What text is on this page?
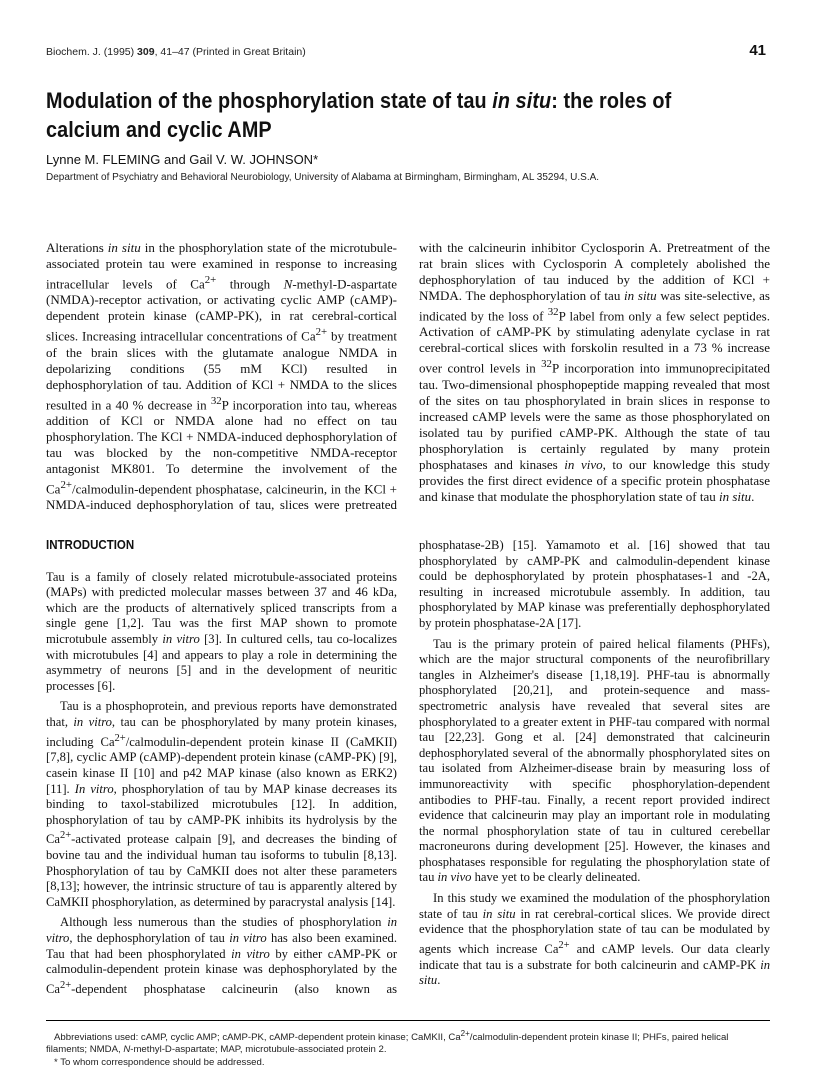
Biochem. J. (1995) 309, 41–47 (Printed in Great Britain)	41
Modulation of the phosphorylation state of tau in situ: the roles of calcium and cyclic AMP
Lynne M. FLEMING and Gail V. W. JOHNSON*
Department of Psychiatry and Behavioral Neurobiology, University of Alabama at Birmingham, Birmingham, AL 35294, U.S.A.

Alterations in situ in the phosphorylation state of the microtubule-associated protein tau were examined in response to increasing intracellular levels of $Ca^{2+}$ through N-methyl-D-aspartate (NMDA)-receptor activation, or activating cyclic AMP (cAMP)-dependent protein kinase (cAMP-PK), in rat cerebral-cortical slices. Increasing intracellular concentrations of $Ca^{2+}$ by treatment of the brain slices with the glutamate analogue NMDA in depolarizing conditions (55 mM KCl) resulted in dephosphorylation of tau. Addition of KCl + NMDA to the slices resulted in a 40 % decrease in $^{32}$P incorporation into tau, whereas addition of KCl or NMDA alone had no effect on tau phosphorylation. The KCl + NMDA-induced dephosphorylation of tau was blocked by the non-competitive NMDA-receptor antagonist MK801. To determine the involvement of the $Ca^{2+}/calmodulin$-dependent phosphatase, calcineurin, in the KCl + NMDA-induced dephosphorylation of tau, slices were pretreated with the calcineurin inhibitor Cyclosporin A. Pretreatment of the rat brain slices with Cyclosporin A completely abolished the dephosphorylation of tau induced by the addition of KCl + NMDA. The dephosphorylation of tau in situ was site-selective, as indicated by the loss of $^{32}$P label from only a few select peptides. Activation of cAMP-PK by stimulating adenylate cyclase in rat cerebral-cortical slices with forskolin resulted in a 73 % increase over control levels in $^{32}$P incorporation into immunoprecipitated tau. Two-dimensional phosphopeptide mapping revealed that most of the sites on tau phosphorylated in brain slices in response to increased cAMP levels were the same as those phosphorylated on isolated tau by purified cAMP-PK. Although the state of tau phosphorylation is certainly regulated by many protein phosphatases and kinases in vivo, to our knowledge this study provides the first direct evidence of a specific protein phosphatase and kinase that modulate the phosphorylation state of tau in situ.

INTRODUCTION

Tau is a family of closely related microtubule-associated proteins (MAPs) with predicted molecular masses between 37 and 46 kDa, which are the products of alternatively spliced transcripts from a single gene [1,2]. Tau was the first MAP shown to promote microtubule assembly in vitro [3]. In cultured cells, tau co-localizes with microtubules [4] and appears to play a role in determining the asymmetry of neurons [5] and in the development of neuritic processes [6].

Tau is a phosphoprotein, and previous reports have demonstrated that, in vitro, tau can be phosphorylated by many protein kinases, including $Ca^{2+}/calmodulin$-dependent protein kinase II (CaMKII) [7,8], cyclic AMP (cAMP)-dependent protein kinase (cAMP-PK) [9], casein kinase II [10] and p42 MAP kinase (also known as ERK2) [11]. In vitro, phosphorylation of tau by MAP kinase decreases its binding to taxol-stabilized microtubules [12]. In addition, phosphorylation of tau by cAMP-PK inhibits its hydrolysis by the $Ca^{2+}$-activated protease calpain [9], and decreases the binding of bovine tau and the individual human tau isoforms to tubulin [8,13]. Phosphorylation of tau by CaMKII does not alter these parameters [8,13]; however, the intrinsic structure of tau is apparently altered by CaMKII phosphorylation, as determined by paracrystal analysis [14].

Although less numerous than the studies of phosphorylation in vitro, the dephosphorylation of tau in vitro has also been examined. Tau that had been phosphorylated in vitro by either cAMP-PK or calmodulin-dependent protein kinase was dephosphorylated by the $Ca^{2+}$-dependent phosphatase calcineurin (also known as phosphatase-2B) [15]. Yamamoto et al. [16] showed that tau phosphorylated by cAMP-PK and calmodulin-dependent kinase could be dephosphorylated by protein phosphatases-1 and -2A, resulting in increased microtubule assembly. In addition, tau phosphorylated by MAP kinase was preferentially dephosphorylated by protein phosphatase-2A [17].

Tau is the primary protein of paired helical filaments (PHFs), which are the major structural components of the neurofibrillary tangles in Alzheimer's disease [1,18,19]. PHF-tau is abnormally phosphorylated [20,21], and protein-sequence and mass-spectrometric analysis have revealed that several sites are phosphorylated to a greater extent in PHF-tau compared with normal tau [22,23]. Gong et al. [24] demonstrated that calcineurin dephosphorylated several of the abnormally phosphorylated sites on tau isolated from Alzheimer-disease brain by measuring loss of immunoreactivity with specific phosphorylation-dependent antibodies to PHF-tau. Finally, a recent report provided indirect evidence that calcineurin may play an important role in modulating the normal phosphorylation state of tau in cultured cerebellar macroneurons during development [25]. However, the kinases and phosphatases responsible for regulating the phosphorylation state of tau in vivo have yet to be clearly delineated.

In this study we examined the modulation of the phosphorylation state of tau in situ in rat cerebral-cortical slices. We provide direct evidence that the phosphorylation state of tau can be modulated by agents which increase $Ca^{2+}$ and cAMP levels. Our data clearly indicate that tau is a substrate for both calcineurin and cAMP-PK in situ.

Abbreviations used: cAMP, cyclic AMP; cAMP-PK, cAMP-dependent protein kinase; CaMKII, $Ca^{2+}/calmodulin$-dependent protein kinase II; PHFs, paired helical filaments; NMDA, N-methyl-D-aspartate; MAP, microtubule-associated protein 2.

* To whom correspondence should be addressed.
